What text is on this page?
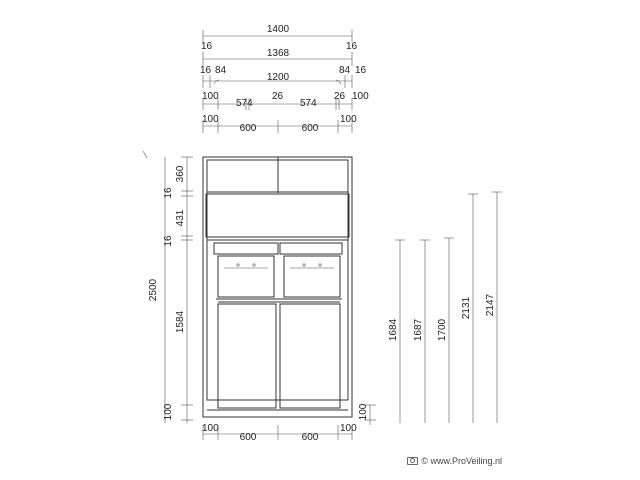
1400
16	16
1368
16 84	84 16
1200
100
574
26
574
26 100
100
600	600
100
2500
360
16
431
16
1584
100	100
1684 1687 1700
2131 2147
100
600	600
100
© www.ProVeiling.nl
